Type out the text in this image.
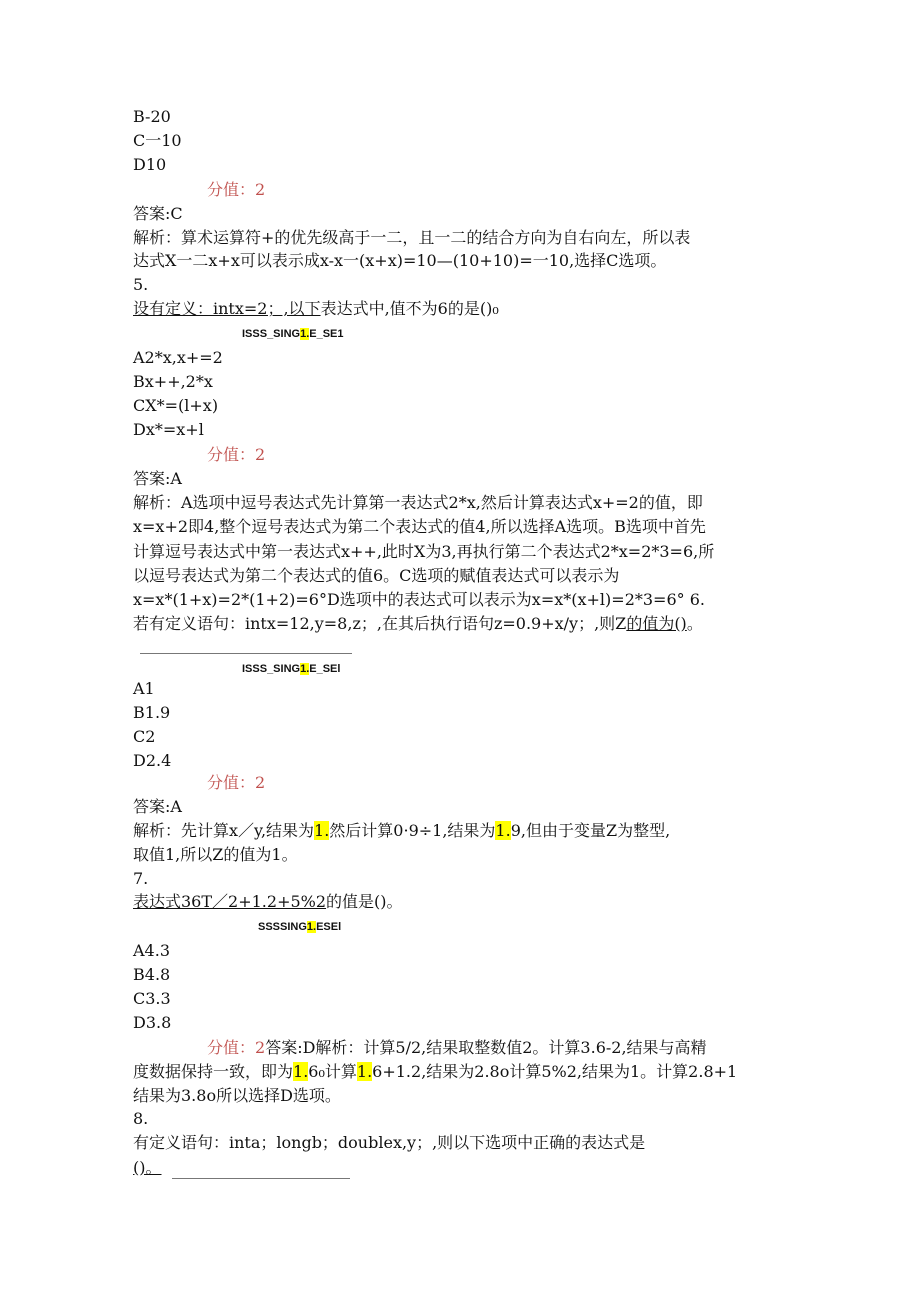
B-20
C一10
D10
分值：2
答案:C
解析：算术运算符+的优先级高于一二，且一二的结合方向为自右向左，所以表
达式X一二x+x可以表示成x-x一(x+x)=10—(10+10)=一10,选择C选项。
5.
设有定义：intx=2；,以下表达式中,值不为6的是()₀
ISSS_SING1.E_SE1
A2*x,x+=2
Bx++,2*x
CX*=(l+x)
Dx*=x+l
分值：2
答案:A
解析：A选项中逗号表达式先计算第一表达式2*x,然后计算表达式x+=2的值，即
x=x+2即4,整个逗号表达式为第二个表达式的值4,所以选择A选项。B选项中首先
计算逗号表达式中第一表达式x++,此时X为3,再执行第二个表达式2*x=2*3=6,所
以逗号表达式为第二个表达式的值6。C选项的赋值表达式可以表示为
x=x*(1+x)=2*(1+2)=6°D选项中的表达式可以表示为x=x*(x+l)=2*3=6° 6.
若有定义语句：intx=12,y=8,z；,在其后执行语句z=0.9+x/y；,则Z的值为()。
ISSS_SING1.E_SEl
A1
B1.9
C2
D2.4
分值：2
答案:A
解析：先计算x／y,结果为1.然后计算0·9÷1,结果为1.9,但由于变量Z为整型,
取值1,所以Z的值为1。
7.
表达式36T／2+1.2+5%2的值是()。
SSSSING1.ESEl
A4.3
B4.8
C3.3
D3.8
分值：2答案:D解析：计算5/2,结果取整数值2。计算3.6-2,结果与高精
度数据保持一致，即为1.6₀计算1.6+1.2,结果为2.8o计算5%2,结果为1。计算2.8+1
结果为3.8o所以选择D选项。
8.
有定义语句：inta；longb；doublex,y；,则以下选项中正确的表达式是
()。
